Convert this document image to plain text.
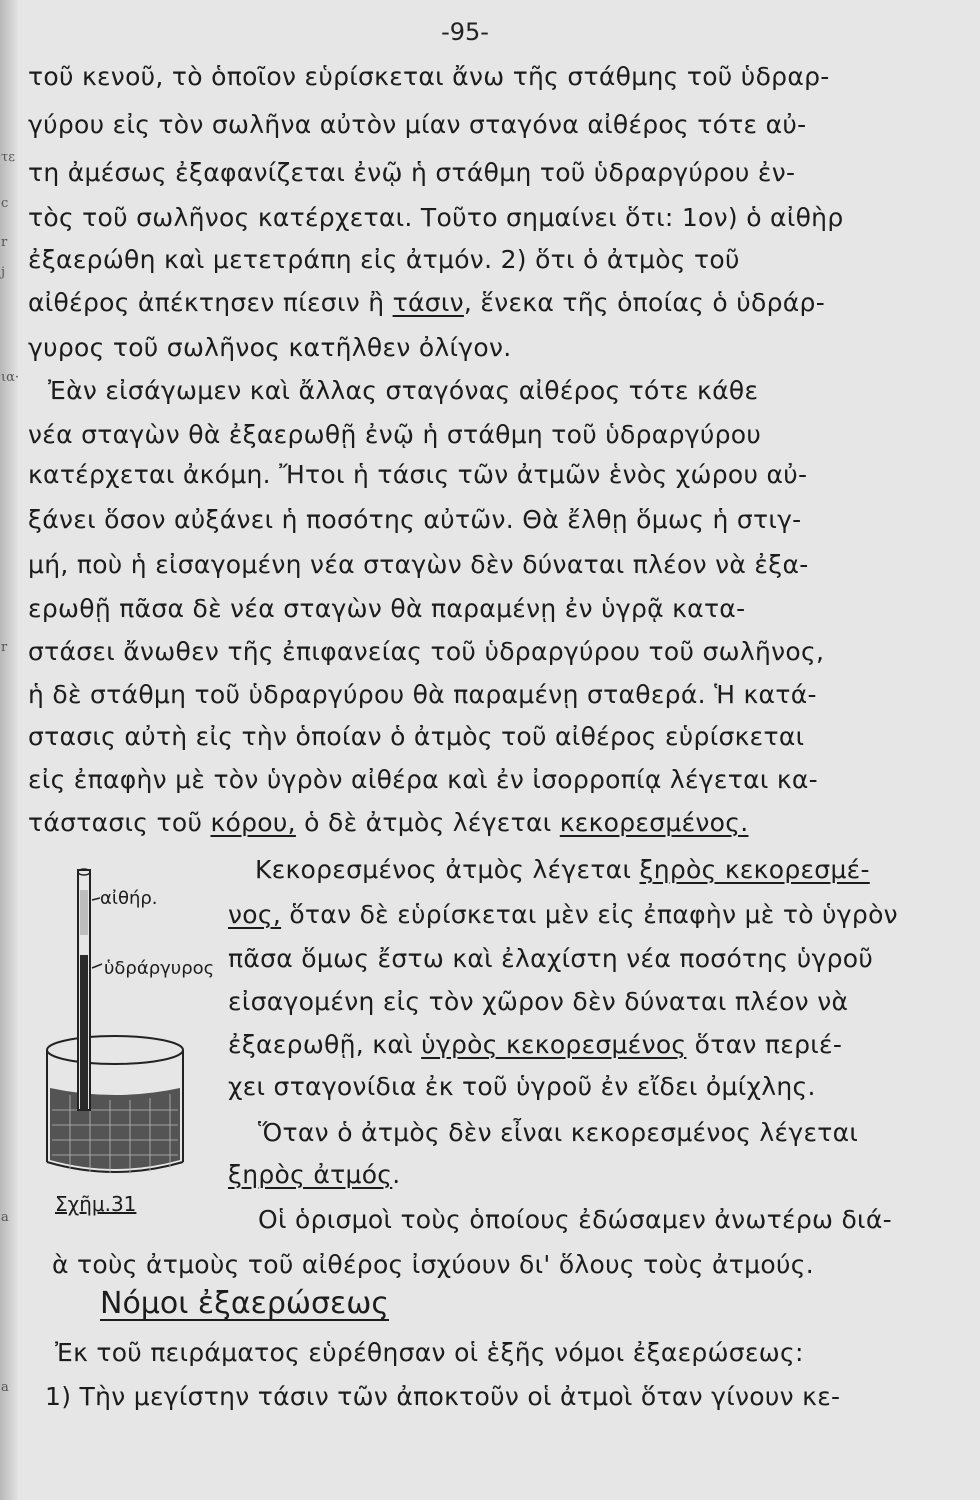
τε
c
r
j
ια·
r
a
a
-95-
τοῦ κενοῦ, τὸ ὁποῖον εὑρίσκεται ἄνω τῆς στάθμης τοῦ ὑδραρ-
γύρου εἰς τὸν σωλῆνα αὐτὸν μίαν σταγόνα αἰθέρος τότε αὐ-
τη ἀμέσως ἐξαφανίζεται ἐνῷ ἡ στάθμη τοῦ ὑδραργύρου ἐν-
τὸς τοῦ σωλῆνος κατέρχεται. Τοῦτο σημαίνει ὅτι: 1ον) ὁ αἰθὴρ
ἐξαερώθη καὶ μετετράπη εἰς ἀτμόν. 2) ὅτι ὁ ἀτμὸς τοῦ
αἰθέρος ἀπέκτησεν πίεσιν ἢ τάσιν, ἕνεκα τῆς ὁποίας ὁ ὑδράρ-
γυρος τοῦ σωλῆνος κατῆλθεν ὀλίγον.
Ἐὰν εἰσάγωμεν καὶ ἄλλας σταγόνας αἰθέρος τότε κάθε
νέα σταγὼν θὰ ἐξαερωθῇ ἐνῷ ἡ στάθμη τοῦ ὑδραργύρου
κατέρχεται ἀκόμη. Ἤτοι ἡ τάσις τῶν ἀτμῶν ἑνὸς χώρου αὐ-
ξάνει ὅσον αὐξάνει ἡ ποσότης αὐτῶν. Θὰ ἔλθῃ ὅμως ἡ στιγ-
μή, ποὺ ἡ εἰσαγομένη νέα σταγὼν δὲν δύναται πλέον νὰ ἐξα-
ερωθῇ πᾶσα δὲ νέα σταγὼν θὰ παραμένῃ ἐν ὑγρᾷ κατα-
στάσει ἄνωθεν τῆς ἐπιφανείας τοῦ ὑδραργύρου τοῦ σωλῆνος,
ἡ δὲ στάθμη τοῦ ὑδραργύρου θὰ παραμένῃ σταθερά. Ἡ κατά-
στασις αὐτὴ εἰς τὴν ὁποίαν ὁ ἀτμὸς τοῦ αἰθέρος εὑρίσκεται
εἰς ἐπαφὴν μὲ τὸν ὑγρὸν αἰθέρα καὶ ἐν ἰσορροπίᾳ λέγεται κα-
τάστασις τοῦ κόρου, ὁ δὲ ἀτμὸς λέγεται κεκορεσμένος.
Κεκορεσμένος ἀτμὸς λέγεται ξηρὸς κεκορεσμέ-
νος, ὅταν δὲ εὑρίσκεται μὲν εἰς ἐπαφὴν μὲ τὸ ὑγρὸν
πᾶσα ὅμως ἔστω καὶ ἐλαχίστη νέα ποσότης ὑγροῦ
εἰσαγομένη εἰς τὸν χῶρον δὲν δύναται πλέον νὰ
ἐξαερωθῇ, καὶ ὑγρὸς κεκορεσμένος ὅταν περιέ-
χει σταγονίδια ἐκ τοῦ ὑγροῦ ἐν εἴδει ὀμίχλης.
Ὅταν ὁ ἀτμὸς δὲν εἶναι κεκορεσμένος λέγεται
ξηρὸς ἀτμός.
Οἱ ὁρισμοὶ τοὺς ὁποίους ἐδώσαμεν ἀνωτέρω διά-
ὰ τοὺς ἀτμοὺς τοῦ αἰθέρος ἰσχύουν δι' ὅλους τοὺς ἀτμούς.
Νόμοι ἐξαερώσεως
Ἐκ τοῦ πειράματος εὑρέθησαν οἱ ἑξῆς νόμοι ἐξαερώσεως:
1) Τὴν μεγίστην τάσιν τῶν ἀποκτοῦν οἱ ἀτμοὶ ὅταν γίνουν κε-
αἰθήρ.
ὑδράργυρος
Σχῆμ.31
